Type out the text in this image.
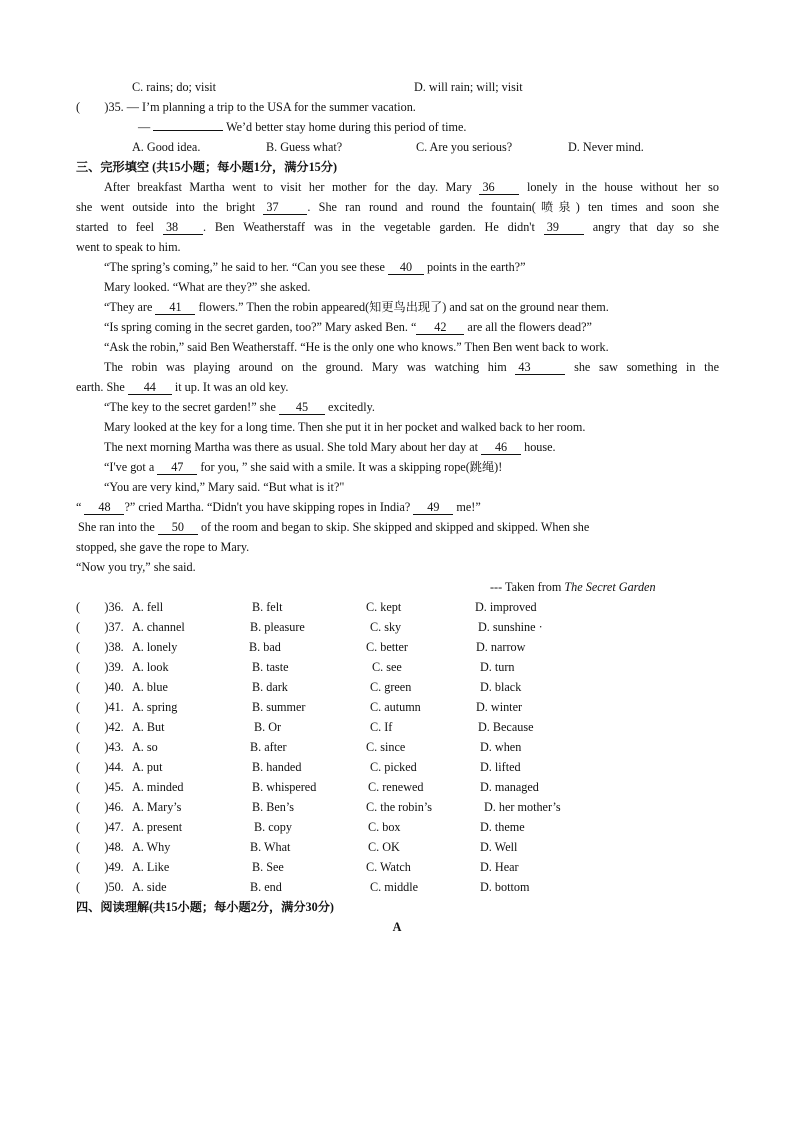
C. rains; do; visit	D. will rain; will; visit
(        )35. — I’m planning a trip to the USA for the summer vacation.
—	We’d better stay home during this period of time.
A. Good idea.	B. Guess what?	C. Are you serious?	D. Never mind.
三、完形填空 (共15小题；每小题1分，满分15分)
After breakfast Martha went to visit her mother for the day. Mary 36	lonely in the house without her so
she went outside into the bright 37 . She ran round and round the fountain(喷泉) ten times and soon she
started to feel 38 . Ben Weatherstaff was in the vegetable garden. He didn't 39	angry that day so she
went to speak to him.
“The spring’s coming,” he said to her. “Can you see these 40 points in the earth?”
Mary looked. “What are they?” she asked.
“They are 41 flowers.” Then the robin appeared(知更鸟出现了) and sat on the ground near them.
“Is spring coming in the secret garden, too?” Mary asked Ben. “ 42 are all the flowers dead?”
“Ask the robin,” said Ben Weatherstaff. “He is the only one who knows.” Then Ben went back to work.
The robin was playing around on the ground. Mary was watching him 43	she saw something in the
earth. She 44 it up. It was an old key.
“The key to the secret garden!” she 45 excitedly.
Mary looked at the key for a long time. Then she put it in her pocket and walked back to her room.
The next morning Martha was there as usual. She told Mary about her day at 46 house.
“I've got a 47 for you, ” she said with a smile. It was a skipping rope(跳绳)!
“You are very kind,” Mary said. “But what is it?"
“ 48 ?” cried Martha. “Didn't you have skipping ropes in India? 49 me!”
She ran into the 50 of the room and began to skip. She skipped and skipped and skipped. When she
stopped, she gave the rope to Mary.
“Now you try,” she said.
--- Taken from The Secret Garden
(        )36. A. fell	B. felt	C. kept	D. improved
(        )37. A. channel	B. pleasure	C. sky	D. sunshine ·
(        )38. A. lonely	B. bad	C. better	D. narrow
(        )39. A. look	B. taste	C. see	D. turn
(        )40. A. blue	B. dark	C. green	D. black
(        )41. A. spring	B. summer	C. autumn	D. winter
(        )42. A. But	B. Or	C. If	D. Because
(        )43. A. so	B. after	C. since	D. when
(        )44. A. put	B. handed	C. picked	D. lifted
(        )45. A. minded	B. whispered	C. renewed	D. managed
(        )46. A. Mary’s	B. Ben’s	C. the robin’s	D. her mother’s
(        )47. A. present	B. copy	C. box	D. theme
(        )48. A. Why	B. What	C. OK	D. Well
(        )49. A. Like	B. See	C. Watch	D. Hear
(        )50. A. side	B. end	C. middle	D. bottom
四、阅读理解(共15小题；每小题2分，满分30分)
A
